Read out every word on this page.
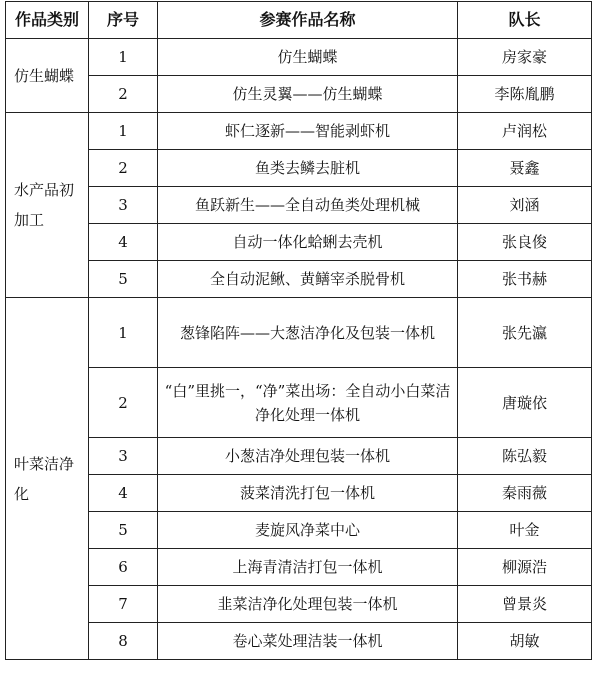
作品类别	序号	参赛作品名称	队长
仿生蝴蝶	1	仿生蝴蝶	房家豪
	2	仿生灵翼——仿生蝴蝶	李陈胤鹏
水产品初加工	1	虾仁逐新——智能剥虾机	卢润松
	2	鱼类去鳞去脏机	聂鑫
	3	鱼跃新生——全自动鱼类处理机械	刘涵
	4	自动一体化蛤蜊去壳机	张良俊
	5	全自动泥鳅、黄鳝宰杀脱骨机	张书赫
叶菜洁净化	1	葱锋陷阵——大葱洁净化及包装一体机	张先瀛
	2	“白”里挑一，“净”菜出场：全自动小白菜洁净化处理一体机	唐璇依
	3	小葱洁净处理包装一体机	陈弘毅
	4	菠菜清洗打包一体机	秦雨薇
	5	麦旋风净菜中心	叶金
	6	上海青清洁打包一体机	柳源浩
	7	韭菜洁净化处理包装一体机	曾景炎
	8	卷心菜处理洁装一体机	胡敏
